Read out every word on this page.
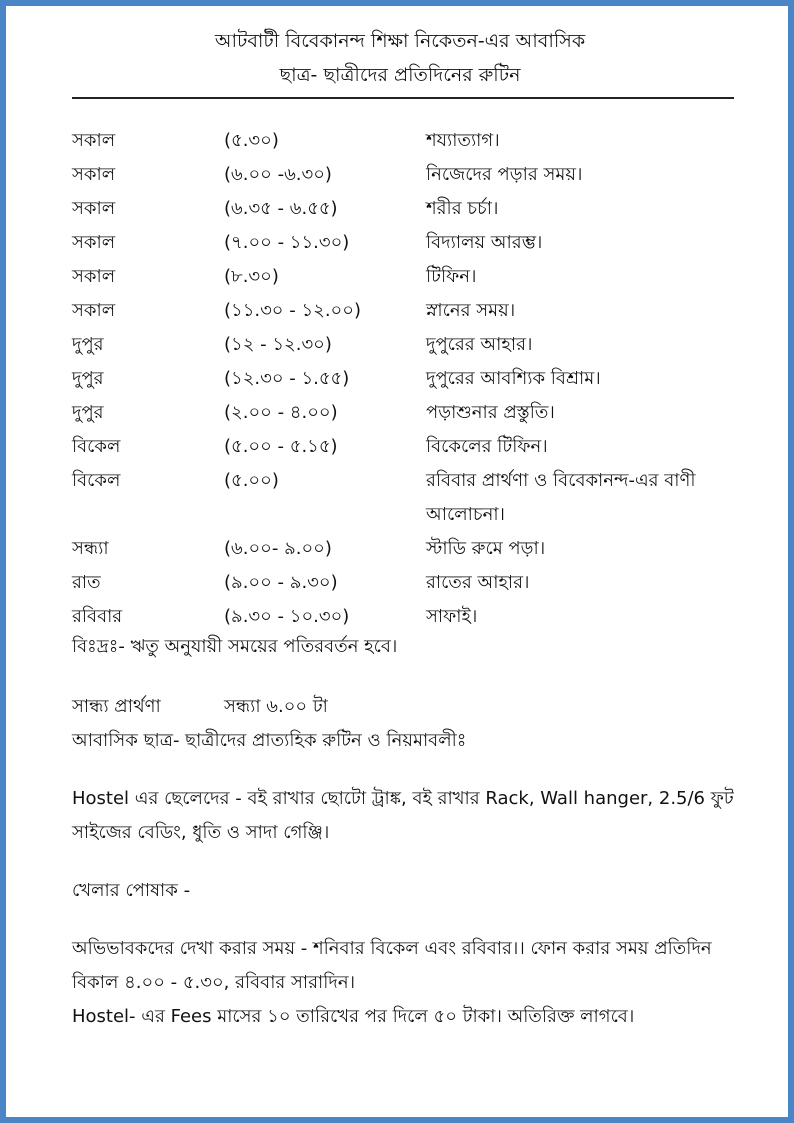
আটবাটী বিবেকানন্দ শিক্ষা নিকেতন-এর আবাসিক
ছাত্র- ছাত্রীদের প্রতিদিনের রুটিন
সকাল	(৫.৩০)	শয্যাত্যাগ।
সকাল	(৬.০০ -৬.৩০)	নিজেদের পড়ার সময়।
সকাল	(৬.৩৫ - ৬.৫৫)	শরীর চর্চা।
সকাল	(৭.০০ - ১১.৩০)	বিদ্যালয় আরম্ভ।
সকাল	(৮.৩০)	টিফিন।
সকাল	(১১.৩০ - ১২.০০)	স্নানের সময়।
দুপুর	(১২ - ১২.৩০)	দুপুরের আহার।
দুপুর	(১২.৩০ - ১.৫৫)	দুপুরের আবশ্যিক বিশ্রাম।
দুপুর	(২.০০ - ৪.০০)	পড়াশুনার প্রস্তুতি।
বিকেল	(৫.০০ - ৫.১৫)	বিকেলের টিফিন।
বিকেল	(৫.০০)	রবিবার প্রার্থণা ও বিবেকানন্দ-এর বাণী আলোচনা।
সন্ধ্যা	(৬.০০- ৯.০০)	স্টাডি রুমে পড়া।
রাত	(৯.০০ - ৯.৩০)	রাতের আহার।
রবিবার	(৯.৩০ - ১০.৩০)	সাফাই।
বিঃদ্রঃ- ঋতু অনুযায়ী সময়ের পতিরবর্তন হবে।
সান্ধ্য প্রার্থণা	সন্ধ্যা ৬.০০ টা
আবাসিক ছাত্র- ছাত্রীদের প্রাত্যহিক রুটিন ও নিয়মাবলীঃ
Hostel এর ছেলেদের - বই রাখার ছোটো ট্রাঙ্ক, বই রাখার Rack, Wall hanger, 2.5/6 ফুট সাইজের বেডিং, ধুতি ও সাদা গেঞ্জি।
খেলার পোষাক -
অভিভাবকদের দেখা করার সময় - শনিবার বিকেল এবং রবিবার।। ফোন করার সময় প্রতিদিন বিকাল ৪.০০ - ৫.৩০, রবিবার সারাদিন।
Hostel- এর Fees মাসের ১০ তারিখের পর দিলে ৫০ টাকা। অতিরিক্ত লাগবে।
